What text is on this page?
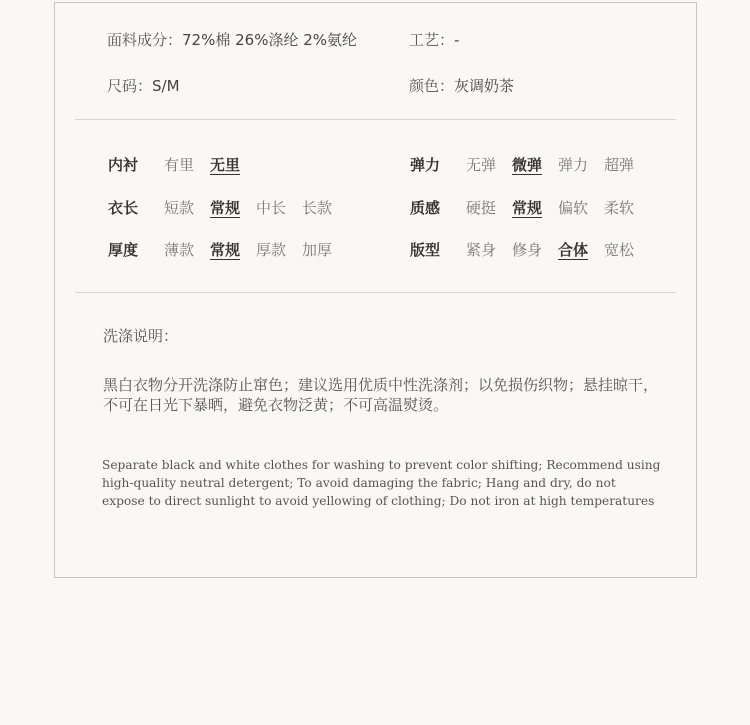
面料成分：72%棉 26%涤纶 2%氨纶	工艺：-
尺码：S/M	颜色：灰调奶茶
内衬	有里 无里	弹力	无弹 微弹 弹力 超弹
衣长	短款 常规 中长 长款	质感	硬挺 常规 偏软 柔软
厚度	薄款 常规 厚款 加厚	版型	紧身 修身 合体 宽松
洗涤说明：
黑白衣物分开洗涤防止窜色；建议选用优质中性洗涤剂；以免损伤织物；悬挂晾干，不可在日光下暴晒，避免衣物泛黄；不可高温熨烫。
Separate black and white clothes for washing to prevent color shifting; Recommend using high-quality neutral detergent; To avoid damaging the fabric; Hang and dry, do not expose to direct sunlight to avoid yellowing of clothing; Do not iron at high temperatures
